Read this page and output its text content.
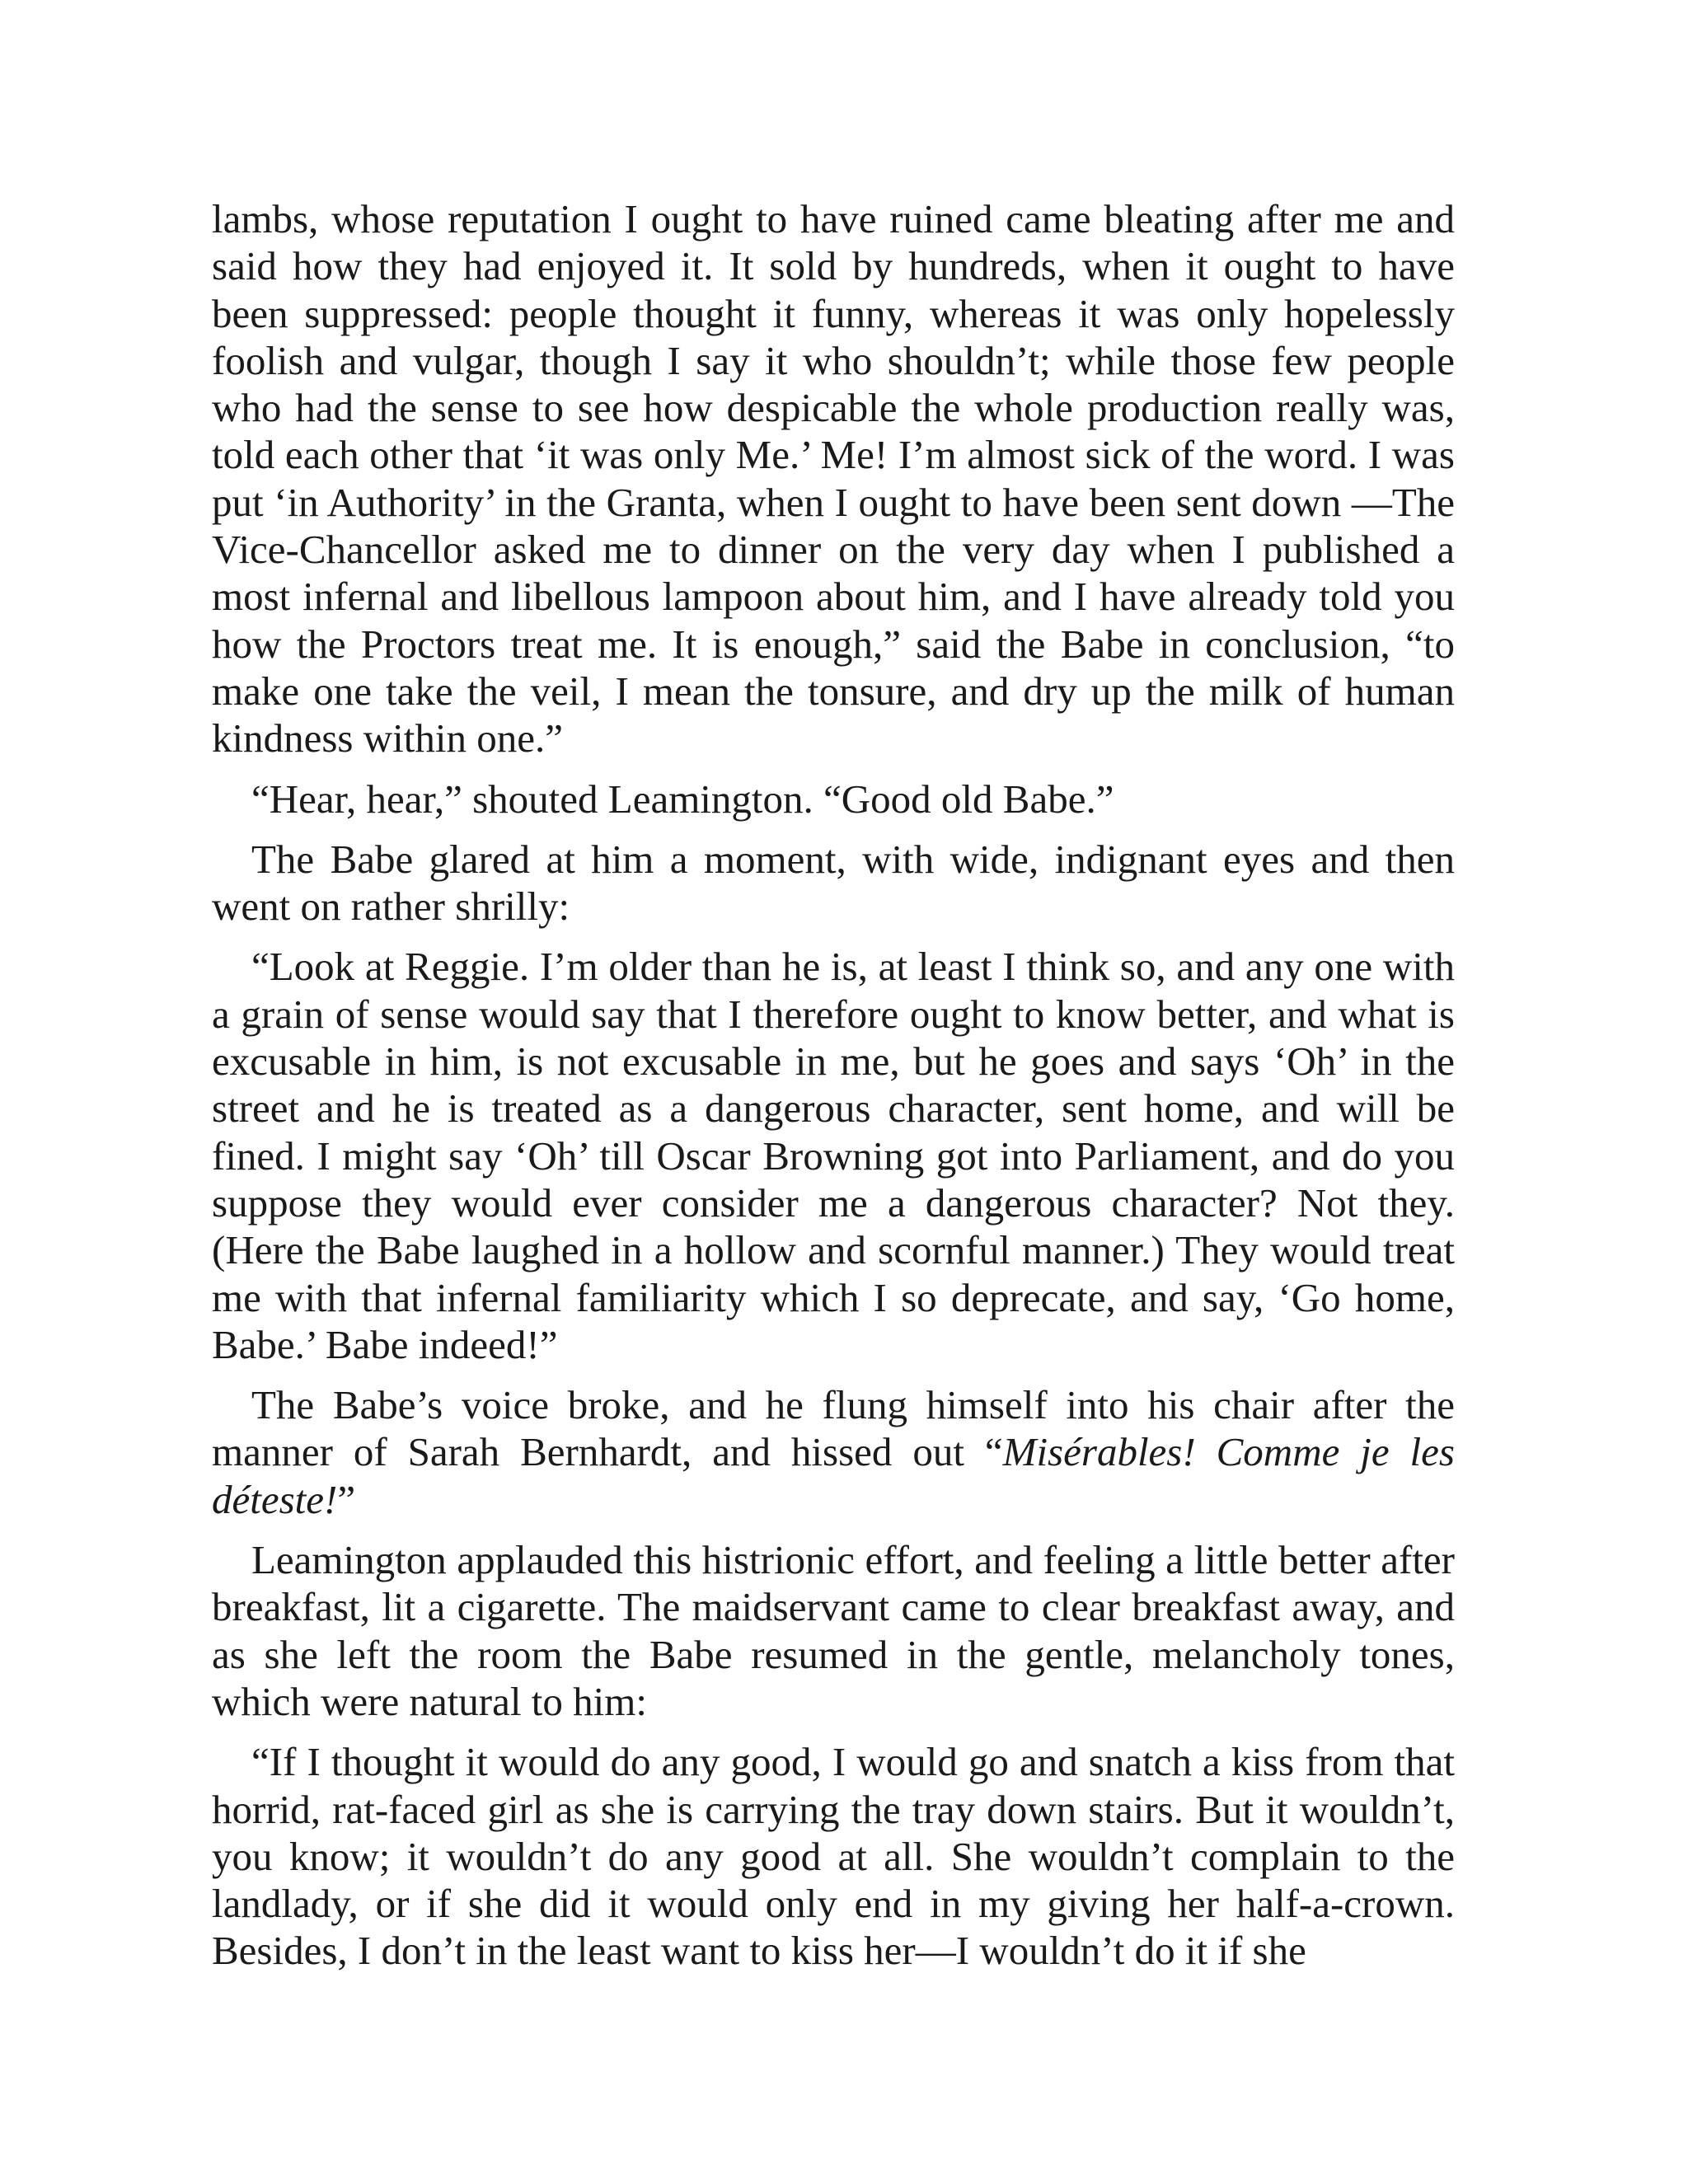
lambs, whose reputation I ought to have ruined came bleating after me and said how they had enjoyed it. It sold by hundreds, when it ought to have been suppressed: people thought it funny, whereas it was only hopelessly foolish and vulgar, though I say it who shouldn’t; while those few people who had the sense to see how despicable the whole production really was, told each other that ‘it was only Me.’ Me! I’m almost sick of the word. I was put ‘in Authority’ in the Granta, when I ought to have been sent down —The Vice-Chancellor asked me to dinner on the very day when I published a most infernal and libellous lampoon about him, and I have already told you how the Proctors treat me. It is enough,” said the Babe in conclusion, “to make one take the veil, I mean the tonsure, and dry up the milk of human kindness within one.”

“Hear, hear,” shouted Leamington. “Good old Babe.”

The Babe glared at him a moment, with wide, indignant eyes and then went on rather shrilly:

“Look at Reggie. I’m older than he is, at least I think so, and any one with a grain of sense would say that I therefore ought to know better, and what is excusable in him, is not excusable in me, but he goes and says ‘Oh’ in the street and he is treated as a dangerous character, sent home, and will be fined. I might say ‘Oh’ till Oscar Browning got into Parliament, and do you suppose they would ever consider me a dangerous character? Not they. (Here the Babe laughed in a hollow and scornful manner.) They would treat me with that infernal familiarity which I so deprecate, and say, ‘Go home, Babe.’ Babe indeed!”

The Babe’s voice broke, and he flung himself into his chair after the manner of Sarah Bernhardt, and hissed out “Misérables! Comme je les déteste!”

Leamington applauded this histrionic effort, and feeling a little better after breakfast, lit a cigarette. The maidservant came to clear breakfast away, and as she left the room the Babe resumed in the gentle, melancholy tones, which were natural to him:

“If I thought it would do any good, I would go and snatch a kiss from that horrid, rat-faced girl as she is carrying the tray down stairs. But it wouldn’t, you know; it wouldn’t do any good at all. She wouldn’t complain to the landlady, or if she did it would only end in my giving her half-a-crown. Besides, I don’t in the least want to kiss her—I wouldn’t do it if she
